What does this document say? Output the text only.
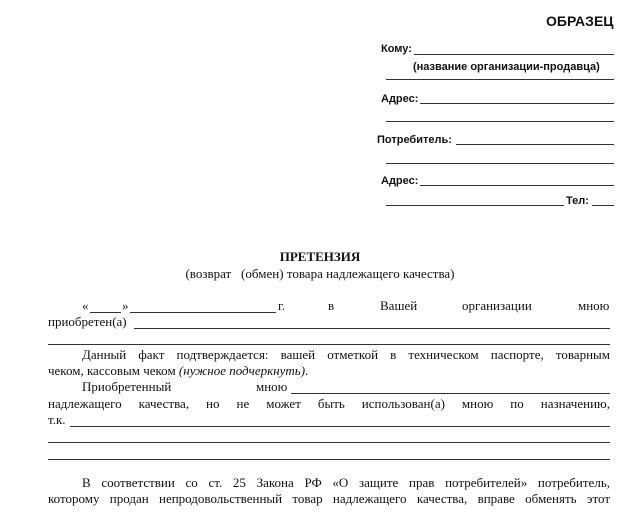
ОБРАЗЕЦ
Кому:
(название организации-продавца)
Адрес:
Потребитель:
Адрес:
Тел:
ПРЕТЕНЗИЯ
(возврат   (обмен) товара надлежащего качества)
«	»	г.	в	Вашей	организации	мною
приобретен(а)
Данный факт подтверждается: вашей отметкой в техническом паспорте, товарным
чеком, кассовым чеком (нужное подчеркнуть).
Приобретенный	мною
надлежащего качества, но не может быть использован(а) мною по назначению,
т.к.
В соответствии со ст. 25 Закона РФ «О защите прав потребителей» потребитель,
которому продан непродовольственный товар надлежащего качества, вправе обменять этот
